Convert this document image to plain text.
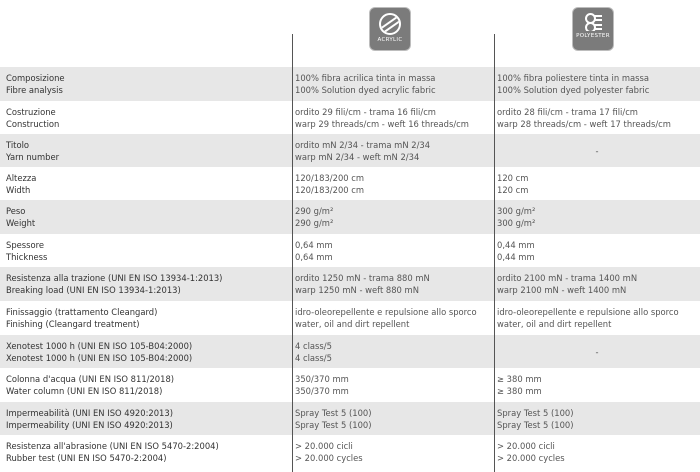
ACRYLIC
POLYESTER
Composizione
Fibre analysis
100% fibra acrilica tinta in massa
100% Solution dyed acrylic fabric
100% fibra poliestere tinta in massa
100% Solution dyed polyester fabric
Costruzione
Construction
ordito 29 fili/cm - trama 16 fili/cm
warp 29 threads/cm - weft 16 threads/cm
ordito 28 fili/cm - trama 17 fili/cm
warp 28 threads/cm - weft 17 threads/cm
Titolo
Yarn number
ordito mN 2/34 - trama mN 2/34
warp mN 2/34 - weft mN 2/34
-
Altezza
Width
120/183/200 cm
120/183/200 cm
120 cm
120 cm
Peso
Weight
290 g/m²
290 g/m²
300 g/m²
300 g/m²
Spessore
Thickness
0,64 mm
0,64 mm
0,44 mm
0,44 mm
Resistenza alla trazione (UNI EN ISO 13934-1:2013)
Breaking load (UNI EN ISO 13934-1:2013)
ordito 1250 mN - trama 880 mN
warp 1250 mN - weft 880 mN
ordito 2100 mN - trama 1400 mN
warp 2100 mN - weft 1400 mN
Finissaggio (trattamento Cleangard)
Finishing (Cleangard treatment)
idro-oleorepellente e repulsione allo sporco
water, oil and dirt repellent
idro-oleorepellente e repulsione allo sporco
water, oil and dirt repellent
Xenotest 1000 h (UNI EN ISO 105-B04:2000)
Xenotest 1000 h (UNI EN ISO 105-B04:2000)
4 class/5
4 class/5
-
Colonna d'acqua (UNI EN ISO 811/2018)
Water column (UNI EN ISO 811/2018)
350/370 mm
350/370 mm
≥ 380 mm
≥ 380 mm
Impermeabilità (UNI EN ISO 4920:2013)
Impermeability (UNI EN ISO 4920:2013)
Spray Test 5 (100)
Spray Test 5 (100)
Spray Test 5 (100)
Spray Test 5 (100)
Resistenza all'abrasione (UNI EN ISO 5470-2:2004)
Rubber test (UNI EN ISO 5470-2:2004)
> 20.000 cicli
> 20.000 cycles
> 20.000 cicli
> 20.000 cycles
